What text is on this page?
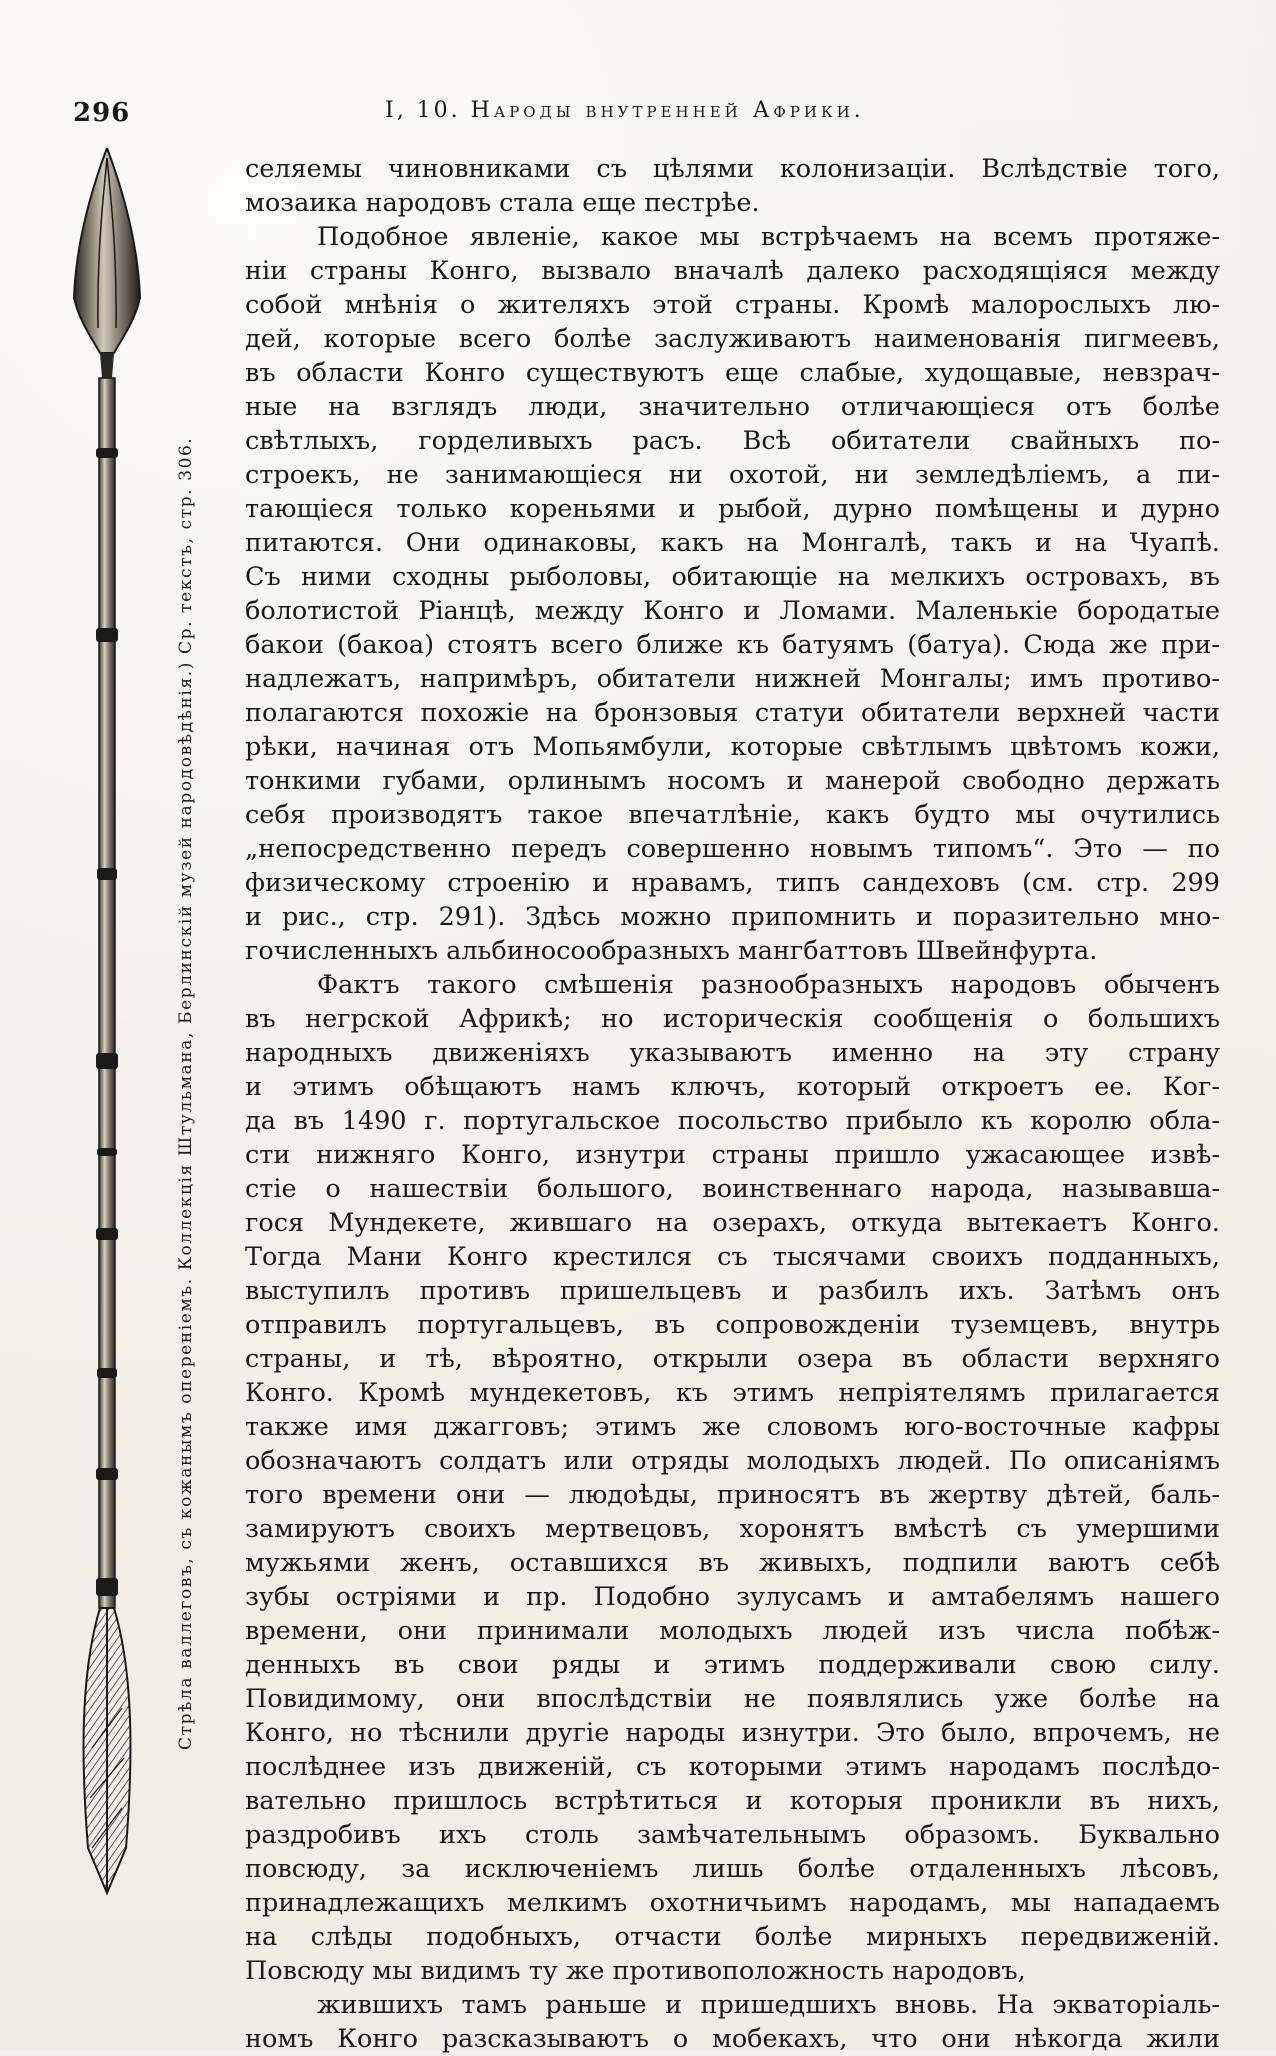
296	I, 10. Народы внутренней Африки.
Стрѣла валлеговъ, съ кожанымъ опереніемъ. Коллекція Штульмана, Берлинскій музей народовѣдѣнія.) Ср. текстъ, стр. 306.
селяемы чиновниками съ цѣлями колонизаціи. Вслѣдствіе того,
мозаика народовъ стала еще пестрѣе.
Подобное явленіе, какое мы встрѣчаемъ на всемъ протяже-
ніи страны Конго, вызвало вначалѣ далеко расходящіяся между
собой мнѣнія о жителяхъ этой страны. Кромѣ малорослыхъ лю-
дей, которые всего болѣе заслуживаютъ наименованія пигмеевъ,
въ области Конго существуютъ еще слабые, худощавые, невзрач-
ные на взглядъ люди, значительно отличающіеся отъ болѣе
свѣтлыхъ, горделивыхъ расъ. Всѣ обитатели свайныхъ по-
строекъ, не занимающіеся ни охотой, ни земледѣліемъ, а пи-
тающіеся только кореньями и рыбой, дурно помѣщены и дурно
питаются. Они одинаковы, какъ на Монгалѣ, такъ и на Чуапѣ.
Съ ними сходны рыболовы, обитающіе на мелкихъ островахъ, въ
болотистой Ріанцѣ, между Конго и Ломами. Маленькіе бородатые
бакои (бакоа) стоятъ всего ближе къ батуямъ (батуа). Сюда же при-
надлежатъ, напримѣръ, обитатели нижней Монгалы; имъ противо-
полагаются похожіе на бронзовыя статуи обитатели верхней части
рѣки, начиная отъ Мопьямбули, которые свѣтлымъ цвѣтомъ кожи,
тонкими губами, орлинымъ носомъ и манерой свободно держать
себя производятъ такое впечатлѣніе, какъ будто мы очутились
„непосредственно передъ совершенно новымъ типомъ“. Это — по
физическому строенію и нравамъ, типъ сандеховъ (см. стр. 299
и рис., стр. 291). Здѣсь можно припомнить и поразительно мно-
гочисленныхъ альбиносообразныхъ мангбаттовъ Швейнфурта.
Фактъ такого смѣшенія разнообразныхъ народовъ обыченъ
въ негрской Африкѣ; но историческія сообщенія о большихъ
народныхъ движеніяхъ указываютъ именно на эту страну
и этимъ обѣщаютъ намъ ключъ, который откроетъ ее. Ког-
да въ 1490 г. португальское посольство прибыло къ королю обла-
сти нижняго Конго, изнутри страны пришло ужасающее извѣ-
стіе о нашествіи большого, воинственнаго народа, называвша-
гося Мундекете, жившаго на озерахъ, откуда вытекаетъ Конго.
Тогда Мани Конго крестился съ тысячами своихъ подданныхъ,
выступилъ противъ пришельцевъ и разбилъ ихъ. Затѣмъ онъ
отправилъ португальцевъ, въ сопровожденіи туземцевъ, внутрь
страны, и тѣ, вѣроятно, открыли озера въ области верхняго
Конго. Кромѣ мундекетовъ, къ этимъ непріятелямъ прилагается
также имя джагговъ; этимъ же словомъ юго-восточные кафры
обозначаютъ солдатъ или отряды молодыхъ людей. По описаніямъ
того времени они — людоѣды, приносятъ въ жертву дѣтей, баль-
замируютъ своихъ мертвецовъ, хоронятъ вмѣстѣ съ умершими
мужьями женъ, оставшихся въ живыхъ, подпили ваютъ себѣ
зубы остріями и пр. Подобно зулусамъ и амтабелямъ нашего
времени, они принимали молодыхъ людей изъ числа побѣж-
денныхъ въ свои ряды и этимъ поддерживали свою силу.
Повидимому, они впослѣдствіи не появлялись уже болѣе на
Конго, но тѣснили другіе народы изнутри. Это было, впрочемъ, не
послѣднее изъ движеній, съ которыми этимъ народамъ послѣдо-
вательно пришлось встрѣтиться и которыя проникли въ нихъ,
раздробивъ ихъ столь замѣчательнымъ образомъ. Буквально
повсюду, за исключеніемъ лишь болѣе отдаленныхъ лѣсовъ,
принадлежащихъ мелкимъ охотничьимъ народамъ, мы нападаемъ
на слѣды подобныхъ, отчасти болѣе мирныхъ передвиженій.
Повсюду мы видимъ ту же противоположность народовъ,
жившихъ тамъ раньше и пришедшихъ вновь. На экваторіаль-
номъ Конго разсказываютъ о мобекахъ, что они нѣкогда жили
